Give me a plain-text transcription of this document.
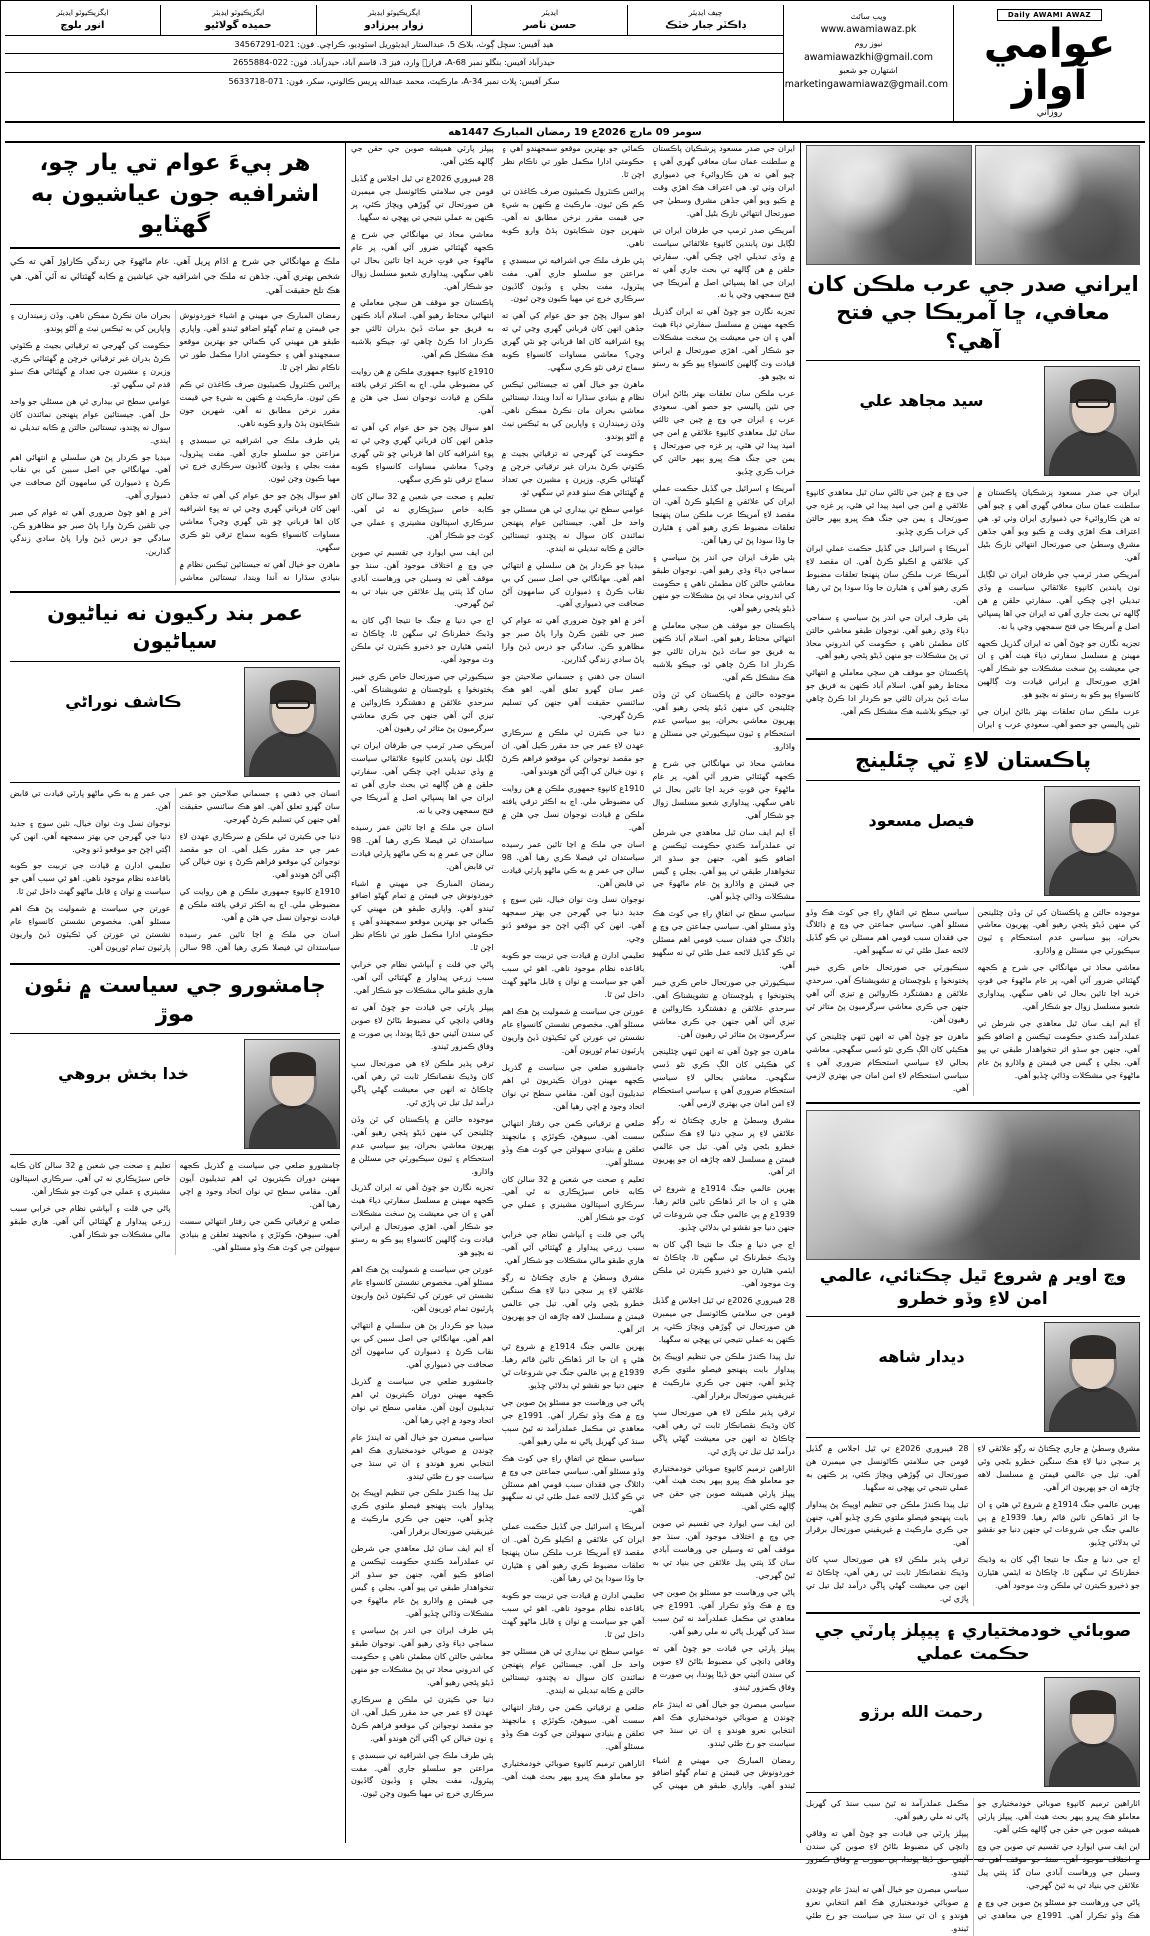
Daily AWAMI AWAZ
عوامي آواز
روزاني
ويب سائٽ
www.awamiawaz.pk
نيوز روم
awamiawazkhi@gmail.com
اشتهارن جو شعبو
marketingawamiawaz@gmail.com
چيف ايڊيٽر
ڊاڪٽر جبار خٽڪ
ايڊيٽر
حسن ناصر
ايگزيڪيوٽو ايڊيٽر
زوار پيرزادو
ايگزيڪيوٽو ايڊيٽر
حميده گولاڻيو
ايگزيڪيوٽو ايڊيٽر
انور بلوچ
هيڊ آفيس: سچل ڳوٺ، بلاڪ 5، عبدالستار ايڊيٽوريل اسٽوڊيو، ڪراچي. فون: 021-34567291
حيدرآباد آفيس: بنگلو نمبر 68-A، فرازٖ وارڊ، فيز 3، قاسم آباد، حيدرآباد. فون: 022-2655884
سکر آفيس: پلاٽ نمبر 34-A، مارڪيٽ، محمد عبدالله پريس ڪالوني، سکر، فون: 071-5633718
سومر 09 مارچ 2026ع 19 رمضان المبارڪ 1447هه
ايراني صدر جي عرب ملڪن کان معافي، ڇا آمريڪا جي فتح آهي؟
سيد مجاهد علي

ايران جي صدر مسعود پزشڪيان پاڪستان ۾ سلطنت عمان سان معافي گهري آهي ۽ چيو آهي ته هن ڪاروائيءَ جي ذميواري ايران وٺي ٿو. هي اعتراف هڪ اهڙي وقت ۾ ڪيو ويو آهي جڏهن مشرق وسطيٰ جي صورتحال انتهائي نازڪ بڻيل آهي.

آمريڪي صدر ٽرمپ جي طرفان ايران تي لڳايل نون پابندين کانپوءِ علائقائي سياست ۾ وڏي تبديلي اچي چڪي آهي. سفارتي حلقن ۾ هن ڳالهه تي بحث جاري آهي ته ايران جي اها پسپائي اصل ۾ آمريڪا جي فتح سمجهي وڃي يا نه.

تجزيه نگارن جو چوڻ آهي ته ايران گذريل ڪجهه مهينن ۾ مسلسل سفارتي دٻاءَ هيٺ آهي ۽ ان جي معيشت پڻ سخت مشڪلات جو شڪار آهي. اهڙي صورتحال ۾ ايراني قيادت وٽ ڳالهين کانسواءِ ٻيو ڪو به رستو نه بچيو هو.

عرب ملڪن سان تعلقات بهتر بڻائڻ ايران جي نئين پاليسي جو حصو آهي. سعودي عرب ۽ ايران جي وچ ۾ چين جي ثالثي سان ٿيل معاهدي کانپوءِ علائقي ۾ امن جي اميد پيدا ٿي هئي، پر غزه جي صورتحال ۽ يمن جي جنگ هڪ ڀيرو ٻيهر حالتن کي خراب ڪري ڇڏيو.

آمريڪا ۽ اسرائيل جي گڏيل حڪمت عملي ايران کي علائقي ۾ اڪيلو ڪرڻ آهي. ان مقصد لاءِ آمريڪا عرب ملڪن سان پنهنجا تعلقات مضبوط ڪري رهيو آهي ۽ هٿيارن جا وڏا سودا پڻ ٿي رهيا آهن.

ٻئي طرف ايران جي اندر پڻ سياسي ۽ سماجي دٻاءَ وڌي رهيو آهي. نوجوان طبقو معاشي حالتن کان مطمئن ناهي ۽ حڪومت کي اندروني محاذ تي پڻ مشڪلات جو منهن ڏيڻو پئجي رهيو آهي.

پاڪستان جو موقف هن سڄي معاملي ۾ انتهائي محتاط رهيو آهي. اسلام آباد ڪنهن به فريق جو ساٿ ڏيڻ بدران ثالثي جو ڪردار ادا ڪرڻ چاهي ٿو، جيڪو بلاشبه هڪ مشڪل ڪم آهي.

پاڪستان لاءِ ٽي چئلينج
فيصل مسعود

موجوده حالتن ۾ پاڪستان کي ٽن وڏن چئلينجن کي منهن ڏيڻو پئجي رهيو آهي. پهريون معاشي بحران، ٻيو سياسي عدم استحڪام ۽ ٽيون سيڪيورٽي جي مسئلن ۾ واڌارو.

معاشي محاذ تي مهانگائي جي شرح ۾ ڪجهه گهٽتائي ضرور آئي آهي، پر عام ماڻهوءَ جي قوتِ خريد اڃا تائين بحال ٿي ناهي سگهي. پيداواري شعبو مسلسل زوال جو شڪار آهي.

آءِ ايم ايف سان ٿيل معاهدي جي شرطن تي عملدرآمد ڪندي حڪومت ٽيڪسن ۾ اضافو ڪيو آهي، جنهن جو سڌو اثر تنخواهدار طبقي تي پيو آهي. بجلي ۽ گيس جي قيمتن ۾ واڌارو پڻ عام ماڻهوءَ جي مشڪلات وڌائي ڇڏيو آهي.

سياسي سطح تي اتفاقِ راءِ جي کوٽ هڪ وڏو مسئلو آهي. سياسي جماعتن جي وچ ۾ ڊائلاگ جي فقدان سبب قومي اهم مسئلن تي ڪو گڏيل لائحه عمل طئي ٿي نه سگهيو آهي.

سيڪيورٽي جي صورتحال خاص ڪري خيبر پختونخوا ۽ بلوچستان ۾ تشويشناڪ آهي. سرحدي علائقن ۾ دهشتگرد ڪاروائين ۾ تيزي آئي آهي جنهن جي ڪري معاشي سرگرميون پڻ متاثر ٿي رهيون آهن.

ماهرن جو چوڻ آهي ته انهن ٽنهي چئلينجن کي هڪٻئي کان الڳ ڪري نٿو ڏسي سگهجي. معاشي بحالي لاءِ سياسي استحڪام ضروري آهي ۽ سياسي استحڪام لاءِ امن امان جي بهتري لازمي آهي.

وچ اوير ۾ شروع ٿيل چڪتائي، عالمي امن لاءِ وڏو خطرو
ديدار شاهه

مشرق وسطيٰ ۾ جاري ڇڪتاڻ نه رڳو علائقي لاءِ پر سڄي دنيا لاءِ هڪ سنگين خطرو بڻجي وئي آهي. تيل جي عالمي قيمتن ۾ مسلسل لاهه چاڙهه ان جو پهريون اثر آهي.

پهرين عالمي جنگ 1914ع ۾ شروع ٿي هئي ۽ ان جا اثر ڏهاڪن تائين قائم رهيا. 1939ع ۾ ٻي عالمي جنگ جي شروعات ٿي جنهن دنيا جو نقشو ئي بدلائي ڇڏيو.

اڄ جي دنيا ۾ جنگ جا نتيجا اڳي کان به وڌيڪ خطرناڪ ٿي سگهن ٿا، ڇاڪاڻ ته ايٽمي هٿيارن جو ذخيرو ڪيترن ئي ملڪن وٽ موجود آهي.

28 فيبروري 2026ع تي ٿيل اجلاس ۾ گڏيل قومن جي سلامتي ڪائونسل جي ميمبرن هن صورتحال تي ڳوڙهي ويچارَ ڪئي، پر ڪنهن به عملي نتيجي تي پهچي نه سگهيا.

تيل پيدا ڪندڙ ملڪن جي تنظيم اوپيڪ پڻ پيداوار بابت پنهنجو فيصلو ملتوي ڪري ڇڏيو آهي، جنهن جي ڪري مارڪيٽ ۾ غيريقيني صورتحال برقرار آهي.

ترقي پذير ملڪن لاءِ هي صورتحال سڀ کان وڌيڪ نقصانڪار ثابت ٿي رهي آهي، ڇاڪاڻ ته انهن جي معيشت گهڻي ڀاڱي درآمد ٿيل تيل تي ڀاڙي ٿي.

صوبائي خودمختياري ۽ پيپلز پارٽي جي حڪمت عملي
رحمت الله برڙو

اٺاراهين ترميم کانپوءِ صوبائي خودمختياري جو معاملو هڪ ڀيرو ٻيهر بحث هيٺ آهي. پيپلز پارٽي هميشه صوبن جي حقن جي ڳالهه ڪئي آهي.

اين ايف سي ايوارڊ جي تقسيم تي صوبن جي وچ ۾ اختلاف موجود آهن. سنڌ جو موقف آهي ته وسيلن جي ورهاست آبادي سان گڏ پٺتي پيل علائقن جي بنياد تي به ٿيڻ گهرجي.

پاڻي جي ورهاست جو مسئلو پڻ صوبن جي وچ ۾ هڪ وڏو تڪرار آهي. 1991ع جي معاهدي تي مڪمل عملدرآمد نه ٿيڻ سبب سنڌ کي گهربل پاڻي نه ملي رهيو آهي.

پيپلز پارٽي جي قيادت جو چوڻ آهي ته وفاقي ڍانچي کي مضبوط بڻائڻ لاءِ صوبن کي سندن آئيني حق ڏيڻا پوندا، ٻي صورت ۾ وفاق ڪمزور ٿيندو.

سياسي مبصرن جو خيال آهي ته ايندڙ عام چونڊن ۾ صوبائي خودمختياري هڪ اهم انتخابي نعرو هوندو ۽ ان تي سنڌ جي سياست جو رخ طئي ٿيندو.

ايران جي صدر مسعود پزشڪيان پاڪستان ۾ سلطنت عمان سان معافي گهري آهي ۽ چيو آهي ته هن ڪاروائيءَ جي ذميواري ايران وٺي ٿو. هي اعتراف هڪ اهڙي وقت ۾ ڪيو ويو آهي جڏهن مشرق وسطيٰ جي صورتحال انتهائي نازڪ بڻيل آهي.

آمريڪي صدر ٽرمپ جي طرفان ايران تي لڳايل نون پابندين کانپوءِ علائقائي سياست ۾ وڏي تبديلي اچي چڪي آهي. سفارتي حلقن ۾ هن ڳالهه تي بحث جاري آهي ته ايران جي اها پسپائي اصل ۾ آمريڪا جي فتح سمجهي وڃي يا نه.

تجزيه نگارن جو چوڻ آهي ته ايران گذريل ڪجهه مهينن ۾ مسلسل سفارتي دٻاءَ هيٺ آهي ۽ ان جي معيشت پڻ سخت مشڪلات جو شڪار آهي. اهڙي صورتحال ۾ ايراني قيادت وٽ ڳالهين کانسواءِ ٻيو ڪو به رستو نه بچيو هو.

عرب ملڪن سان تعلقات بهتر بڻائڻ ايران جي نئين پاليسي جو حصو آهي. سعودي عرب ۽ ايران جي وچ ۾ چين جي ثالثي سان ٿيل معاهدي کانپوءِ علائقي ۾ امن جي اميد پيدا ٿي هئي، پر غزه جي صورتحال ۽ يمن جي جنگ هڪ ڀيرو ٻيهر حالتن کي خراب ڪري ڇڏيو.

آمريڪا ۽ اسرائيل جي گڏيل حڪمت عملي ايران کي علائقي ۾ اڪيلو ڪرڻ آهي. ان مقصد لاءِ آمريڪا عرب ملڪن سان پنهنجا تعلقات مضبوط ڪري رهيو آهي ۽ هٿيارن جا وڏا سودا پڻ ٿي رهيا آهن.

ٻئي طرف ايران جي اندر پڻ سياسي ۽ سماجي دٻاءَ وڌي رهيو آهي. نوجوان طبقو معاشي حالتن کان مطمئن ناهي ۽ حڪومت کي اندروني محاذ تي پڻ مشڪلات جو منهن ڏيڻو پئجي رهيو آهي.

پاڪستان جو موقف هن سڄي معاملي ۾ انتهائي محتاط رهيو آهي. اسلام آباد ڪنهن به فريق جو ساٿ ڏيڻ بدران ثالثي جو ڪردار ادا ڪرڻ چاهي ٿو، جيڪو بلاشبه هڪ مشڪل ڪم آهي.

موجوده حالتن ۾ پاڪستان کي ٽن وڏن چئلينجن کي منهن ڏيڻو پئجي رهيو آهي. پهريون معاشي بحران، ٻيو سياسي عدم استحڪام ۽ ٽيون سيڪيورٽي جي مسئلن ۾ واڌارو.

معاشي محاذ تي مهانگائي جي شرح ۾ ڪجهه گهٽتائي ضرور آئي آهي، پر عام ماڻهوءَ جي قوتِ خريد اڃا تائين بحال ٿي ناهي سگهي. پيداواري شعبو مسلسل زوال جو شڪار آهي.

آءِ ايم ايف سان ٿيل معاهدي جي شرطن تي عملدرآمد ڪندي حڪومت ٽيڪسن ۾ اضافو ڪيو آهي، جنهن جو سڌو اثر تنخواهدار طبقي تي پيو آهي. بجلي ۽ گيس جي قيمتن ۾ واڌارو پڻ عام ماڻهوءَ جي مشڪلات وڌائي ڇڏيو آهي.

سياسي سطح تي اتفاقِ راءِ جي کوٽ هڪ وڏو مسئلو آهي. سياسي جماعتن جي وچ ۾ ڊائلاگ جي فقدان سبب قومي اهم مسئلن تي ڪو گڏيل لائحه عمل طئي ٿي نه سگهيو آهي.

سيڪيورٽي جي صورتحال خاص ڪري خيبر پختونخوا ۽ بلوچستان ۾ تشويشناڪ آهي. سرحدي علائقن ۾ دهشتگرد ڪاروائين ۾ تيزي آئي آهي جنهن جي ڪري معاشي سرگرميون پڻ متاثر ٿي رهيون آهن.

ماهرن جو چوڻ آهي ته انهن ٽنهي چئلينجن کي هڪٻئي کان الڳ ڪري نٿو ڏسي سگهجي. معاشي بحالي لاءِ سياسي استحڪام ضروري آهي ۽ سياسي استحڪام لاءِ امن امان جي بهتري لازمي آهي.

مشرق وسطيٰ ۾ جاري ڇڪتاڻ نه رڳو علائقي لاءِ پر سڄي دنيا لاءِ هڪ سنگين خطرو بڻجي وئي آهي. تيل جي عالمي قيمتن ۾ مسلسل لاهه چاڙهه ان جو پهريون اثر آهي.

پهرين عالمي جنگ 1914ع ۾ شروع ٿي هئي ۽ ان جا اثر ڏهاڪن تائين قائم رهيا. 1939ع ۾ ٻي عالمي جنگ جي شروعات ٿي جنهن دنيا جو نقشو ئي بدلائي ڇڏيو.

اڄ جي دنيا ۾ جنگ جا نتيجا اڳي کان به وڌيڪ خطرناڪ ٿي سگهن ٿا، ڇاڪاڻ ته ايٽمي هٿيارن جو ذخيرو ڪيترن ئي ملڪن وٽ موجود آهي.

28 فيبروري 2026ع تي ٿيل اجلاس ۾ گڏيل قومن جي سلامتي ڪائونسل جي ميمبرن هن صورتحال تي ڳوڙهي ويچارَ ڪئي، پر ڪنهن به عملي نتيجي تي پهچي نه سگهيا.

تيل پيدا ڪندڙ ملڪن جي تنظيم اوپيڪ پڻ پيداوار بابت پنهنجو فيصلو ملتوي ڪري ڇڏيو آهي، جنهن جي ڪري مارڪيٽ ۾ غيريقيني صورتحال برقرار آهي.

ترقي پذير ملڪن لاءِ هي صورتحال سڀ کان وڌيڪ نقصانڪار ثابت ٿي رهي آهي، ڇاڪاڻ ته انهن جي معيشت گهڻي ڀاڱي درآمد ٿيل تيل تي ڀاڙي ٿي.

اٺاراهين ترميم کانپوءِ صوبائي خودمختياري جو معاملو هڪ ڀيرو ٻيهر بحث هيٺ آهي. پيپلز پارٽي هميشه صوبن جي حقن جي ڳالهه ڪئي آهي.

اين ايف سي ايوارڊ جي تقسيم تي صوبن جي وچ ۾ اختلاف موجود آهن. سنڌ جو موقف آهي ته وسيلن جي ورهاست آبادي سان گڏ پٺتي پيل علائقن جي بنياد تي به ٿيڻ گهرجي.

پاڻي جي ورهاست جو مسئلو پڻ صوبن جي وچ ۾ هڪ وڏو تڪرار آهي. 1991ع جي معاهدي تي مڪمل عملدرآمد نه ٿيڻ سبب سنڌ کي گهربل پاڻي نه ملي رهيو آهي.

پيپلز پارٽي جي قيادت جو چوڻ آهي ته وفاقي ڍانچي کي مضبوط بڻائڻ لاءِ صوبن کي سندن آئيني حق ڏيڻا پوندا، ٻي صورت ۾ وفاق ڪمزور ٿيندو.

سياسي مبصرن جو خيال آهي ته ايندڙ عام چونڊن ۾ صوبائي خودمختياري هڪ اهم انتخابي نعرو هوندو ۽ ان تي سنڌ جي سياست جو رخ طئي ٿيندو.

رمضان المبارڪ جي مهيني ۾ اشياء خوردونوش جي قيمتن ۾ تمام گهڻو اضافو ٿيندو آهي. واپاري طبقو هن مهيني کي ڪمائي جو بهترين موقعو سمجهندو آهي ۽ حڪومتي ادارا مڪمل طور تي ناڪام نظر اچن ٿا.

پرائس ڪنٽرول ڪميٽيون صرف ڪاغذن تي ڪم ڪن ٿيون. مارڪيٽ ۾ ڪنهن به شيءِ جي قيمت مقرر نرخن مطابق نه آهي. شهرين جون شڪايتون ٻڌڻ وارو ڪوبه ناهي.

ٻئي طرف ملڪ جي اشرافيه تي سبسڊي ۽ مراعتن جو سلسلو جاري آهي. مفت پيٽرول، مفت بجلي ۽ وڏيون گاڏيون سرڪاري خرچ تي مهيا ڪيون وڃن ٿيون.

اهو سوال پڇڻ جو حق عوام کي آهي ته جڏهن انهن کان قرباني گهري وڃي ٿي ته پوءِ اشرافيه کان اها قرباني ڇو نٿي گهري وڃي؟ معاشي مساوات کانسواءِ ڪوبه سماج ترقي نٿو ڪري سگهي.

ماهرن جو خيال آهي ته جيستائين ٽيڪس نظام ۾ بنيادي سڌارا نه آندا ويندا، تيستائين معاشي بحران مان نڪرڻ ممڪن ناهي. وڏن زميندارن ۽ واپارين کي به ٽيڪس نيٽ ۾ آڻڻو پوندو.

حڪومت کي گهرجي ته ترقياتي بجيٽ ۾ ڪٽوتي ڪرڻ بدران غير ترقياتي خرچن ۾ گهٽتائي ڪري. وزيرن ۽ مشيرن جي تعداد ۾ گهٽتائي هڪ سٺو قدم ٿي سگهي ٿو.

عوامي سطح تي بيداري ئي هن مسئلي جو واحد حل آهي. جيستائين عوام پنهنجن نمائندن کان سوال نه پڇندو، تيستائين حالتن ۾ ڪابه تبديلي نه ايندي.

ميڊيا جو ڪردار پڻ هن سلسلي ۾ انتهائي اهم آهي. مهانگائي جي اصل سببن کي بي نقاب ڪرڻ ۽ ذميوارن کي سامهون آڻڻ صحافت جي ذميواري آهي.

آخر ۾ اهو چوڻ ضروري آهي ته عوام کي صبر جي تلقين ڪرڻ وارا پاڻ صبر جو مظاهرو ڪن. سادگي جو درس ڏيڻ وارا پاڻ سادي زندگي گذارين.

انسان جي ذهني ۽ جسماني صلاحيتن جو عمر سان گهرو تعلق آهي. اهو هڪ سائنسي حقيقت آهي جنهن کي تسليم ڪرڻ گهرجي.

دنيا جي ڪيترن ئي ملڪن ۾ سرڪاري عهدن لاءِ عمر جي حد مقرر ڪيل آهي. ان جو مقصد نوجوانن کي موقعو فراهم ڪرڻ ۽ نون خيالن کي اڳتي آڻڻ هوندو آهي.

1910ع کانپوءِ جمهوري ملڪن ۾ هن روايت کي مضبوطي ملي. اڄ به اڪثر ترقي يافته ملڪن ۾ قيادت نوجوان نسل جي هٿن ۾ آهي.

اسان جي ملڪ ۾ اڃا تائين عمر رسيده سياستدان ئي فيصلا ڪري رهيا آهن. 98 سالن جي عمر ۾ به ڪي ماڻهو پارٽي قيادت تي قابض آهن.

نوجوان نسل وٽ نوان خيال، نئين سوچ ۽ جديد دنيا جي گهرجن جي بهتر سمجهه آهي. انهن کي اڳتي اچڻ جو موقعو ڏنو وڃي.

تعليمي ادارن ۾ قيادت جي تربيت جو ڪوبه باقاعده نظام موجود ناهي. اهو ئي سبب آهي جو سياست ۾ نوان ۽ قابل ماڻهو گهٽ داخل ٿين ٿا.

عورتن جي سياست ۾ شموليت پڻ هڪ اهم مسئلو آهي. مخصوص نشستن کانسواءِ عام نشستن تي عورتن کي ٽڪيٽون ڏيڻ واريون پارٽيون تمام ٿوريون آهن.

ڄامشورو ضلعي جي سياست ۾ گذريل ڪجهه مهينن دوران ڪيتريون ئي اهم تبديليون آيون آهن. مقامي سطح تي نوان اتحاد وجود ۾ اچي رهيا آهن.

ضلعي ۾ ترقياتي ڪمن جي رفتار انتهائي سست آهي. سيوهڻ، ڪوٽڙي ۽ مانجهند تعلقن ۾ بنيادي سهولتن جي کوٽ هڪ وڏو مسئلو آهي.

تعليم ۽ صحت جي شعبن ۾ 32 سالن کان ڪابه خاص سيڙپڪاري نه ٿي آهي. سرڪاري اسپتالون مشينري ۽ عملي جي کوٽ جو شڪار آهن.

پاڻي جي قلت ۽ آبپاشي نظام جي خرابي سبب زرعي پيداوار ۾ گهٽتائي آئي آهي. هاري طبقو مالي مشڪلات جو شڪار آهي.

مشرق وسطيٰ ۾ جاري ڇڪتاڻ نه رڳو علائقي لاءِ پر سڄي دنيا لاءِ هڪ سنگين خطرو بڻجي وئي آهي. تيل جي عالمي قيمتن ۾ مسلسل لاهه چاڙهه ان جو پهريون اثر آهي.

پهرين عالمي جنگ 1914ع ۾ شروع ٿي هئي ۽ ان جا اثر ڏهاڪن تائين قائم رهيا. 1939ع ۾ ٻي عالمي جنگ جي شروعات ٿي جنهن دنيا جو نقشو ئي بدلائي ڇڏيو.

پاڻي جي ورهاست جو مسئلو پڻ صوبن جي وچ ۾ هڪ وڏو تڪرار آهي. 1991ع جي معاهدي تي مڪمل عملدرآمد نه ٿيڻ سبب سنڌ کي گهربل پاڻي نه ملي رهيو آهي.

سياسي سطح تي اتفاقِ راءِ جي کوٽ هڪ وڏو مسئلو آهي. سياسي جماعتن جي وچ ۾ ڊائلاگ جي فقدان سبب قومي اهم مسئلن تي ڪو گڏيل لائحه عمل طئي ٿي نه سگهيو آهي.

آمريڪا ۽ اسرائيل جي گڏيل حڪمت عملي ايران کي علائقي ۾ اڪيلو ڪرڻ آهي. ان مقصد لاءِ آمريڪا عرب ملڪن سان پنهنجا تعلقات مضبوط ڪري رهيو آهي ۽ هٿيارن جا وڏا سودا پڻ ٿي رهيا آهن.

تعليمي ادارن ۾ قيادت جي تربيت جو ڪوبه باقاعده نظام موجود ناهي. اهو ئي سبب آهي جو سياست ۾ نوان ۽ قابل ماڻهو گهٽ داخل ٿين ٿا.

عوامي سطح تي بيداري ئي هن مسئلي جو واحد حل آهي. جيستائين عوام پنهنجن نمائندن کان سوال نه پڇندو، تيستائين حالتن ۾ ڪابه تبديلي نه ايندي.

ضلعي ۾ ترقياتي ڪمن جي رفتار انتهائي سست آهي. سيوهڻ، ڪوٽڙي ۽ مانجهند تعلقن ۾ بنيادي سهولتن جي کوٽ هڪ وڏو مسئلو آهي.

اٺاراهين ترميم کانپوءِ صوبائي خودمختياري جو معاملو هڪ ڀيرو ٻيهر بحث هيٺ آهي. پيپلز پارٽي هميشه صوبن جي حقن جي ڳالهه ڪئي آهي.

28 فيبروري 2026ع تي ٿيل اجلاس ۾ گڏيل قومن جي سلامتي ڪائونسل جي ميمبرن هن صورتحال تي ڳوڙهي ويچارَ ڪئي، پر ڪنهن به عملي نتيجي تي پهچي نه سگهيا.

معاشي محاذ تي مهانگائي جي شرح ۾ ڪجهه گهٽتائي ضرور آئي آهي، پر عام ماڻهوءَ جي قوتِ خريد اڃا تائين بحال ٿي ناهي سگهي. پيداواري شعبو مسلسل زوال جو شڪار آهي.

پاڪستان جو موقف هن سڄي معاملي ۾ انتهائي محتاط رهيو آهي. اسلام آباد ڪنهن به فريق جو ساٿ ڏيڻ بدران ثالثي جو ڪردار ادا ڪرڻ چاهي ٿو، جيڪو بلاشبه هڪ مشڪل ڪم آهي.

1910ع کانپوءِ جمهوري ملڪن ۾ هن روايت کي مضبوطي ملي. اڄ به اڪثر ترقي يافته ملڪن ۾ قيادت نوجوان نسل جي هٿن ۾ آهي.

اهو سوال پڇڻ جو حق عوام کي آهي ته جڏهن انهن کان قرباني گهري وڃي ٿي ته پوءِ اشرافيه کان اها قرباني ڇو نٿي گهري وڃي؟ معاشي مساوات کانسواءِ ڪوبه سماج ترقي نٿو ڪري سگهي.

تعليم ۽ صحت جي شعبن ۾ 32 سالن کان ڪابه خاص سيڙپڪاري نه ٿي آهي. سرڪاري اسپتالون مشينري ۽ عملي جي کوٽ جو شڪار آهن.

اين ايف سي ايوارڊ جي تقسيم تي صوبن جي وچ ۾ اختلاف موجود آهن. سنڌ جو موقف آهي ته وسيلن جي ورهاست آبادي سان گڏ پٺتي پيل علائقن جي بنياد تي به ٿيڻ گهرجي.

اڄ جي دنيا ۾ جنگ جا نتيجا اڳي کان به وڌيڪ خطرناڪ ٿي سگهن ٿا، ڇاڪاڻ ته ايٽمي هٿيارن جو ذخيرو ڪيترن ئي ملڪن وٽ موجود آهي.

سيڪيورٽي جي صورتحال خاص ڪري خيبر پختونخوا ۽ بلوچستان ۾ تشويشناڪ آهي. سرحدي علائقن ۾ دهشتگرد ڪاروائين ۾ تيزي آئي آهي جنهن جي ڪري معاشي سرگرميون پڻ متاثر ٿي رهيون آهن.

آمريڪي صدر ٽرمپ جي طرفان ايران تي لڳايل نون پابندين کانپوءِ علائقائي سياست ۾ وڏي تبديلي اچي چڪي آهي. سفارتي حلقن ۾ هن ڳالهه تي بحث جاري آهي ته ايران جي اها پسپائي اصل ۾ آمريڪا جي فتح سمجهي وڃي يا نه.

اسان جي ملڪ ۾ اڃا تائين عمر رسيده سياستدان ئي فيصلا ڪري رهيا آهن. 98 سالن جي عمر ۾ به ڪي ماڻهو پارٽي قيادت تي قابض آهن.

رمضان المبارڪ جي مهيني ۾ اشياء خوردونوش جي قيمتن ۾ تمام گهڻو اضافو ٿيندو آهي. واپاري طبقو هن مهيني کي ڪمائي جو بهترين موقعو سمجهندو آهي ۽ حڪومتي ادارا مڪمل طور تي ناڪام نظر اچن ٿا.

پاڻي جي قلت ۽ آبپاشي نظام جي خرابي سبب زرعي پيداوار ۾ گهٽتائي آئي آهي. هاري طبقو مالي مشڪلات جو شڪار آهي.

پيپلز پارٽي جي قيادت جو چوڻ آهي ته وفاقي ڍانچي کي مضبوط بڻائڻ لاءِ صوبن کي سندن آئيني حق ڏيڻا پوندا، ٻي صورت ۾ وفاق ڪمزور ٿيندو.

ترقي پذير ملڪن لاءِ هي صورتحال سڀ کان وڌيڪ نقصانڪار ثابت ٿي رهي آهي، ڇاڪاڻ ته انهن جي معيشت گهڻي ڀاڱي درآمد ٿيل تيل تي ڀاڙي ٿي.

موجوده حالتن ۾ پاڪستان کي ٽن وڏن چئلينجن کي منهن ڏيڻو پئجي رهيو آهي. پهريون معاشي بحران، ٻيو سياسي عدم استحڪام ۽ ٽيون سيڪيورٽي جي مسئلن ۾ واڌارو.

تجزيه نگارن جو چوڻ آهي ته ايران گذريل ڪجهه مهينن ۾ مسلسل سفارتي دٻاءَ هيٺ آهي ۽ ان جي معيشت پڻ سخت مشڪلات جو شڪار آهي. اهڙي صورتحال ۾ ايراني قيادت وٽ ڳالهين کانسواءِ ٻيو ڪو به رستو نه بچيو هو.

عورتن جي سياست ۾ شموليت پڻ هڪ اهم مسئلو آهي. مخصوص نشستن کانسواءِ عام نشستن تي عورتن کي ٽڪيٽون ڏيڻ واريون پارٽيون تمام ٿوريون آهن.

ميڊيا جو ڪردار پڻ هن سلسلي ۾ انتهائي اهم آهي. مهانگائي جي اصل سببن کي بي نقاب ڪرڻ ۽ ذميوارن کي سامهون آڻڻ صحافت جي ذميواري آهي.

ڄامشورو ضلعي جي سياست ۾ گذريل ڪجهه مهينن دوران ڪيتريون ئي اهم تبديليون آيون آهن. مقامي سطح تي نوان اتحاد وجود ۾ اچي رهيا آهن.

سياسي مبصرن جو خيال آهي ته ايندڙ عام چونڊن ۾ صوبائي خودمختياري هڪ اهم انتخابي نعرو هوندو ۽ ان تي سنڌ جي سياست جو رخ طئي ٿيندو.

تيل پيدا ڪندڙ ملڪن جي تنظيم اوپيڪ پڻ پيداوار بابت پنهنجو فيصلو ملتوي ڪري ڇڏيو آهي، جنهن جي ڪري مارڪيٽ ۾ غيريقيني صورتحال برقرار آهي.

آءِ ايم ايف سان ٿيل معاهدي جي شرطن تي عملدرآمد ڪندي حڪومت ٽيڪسن ۾ اضافو ڪيو آهي، جنهن جو سڌو اثر تنخواهدار طبقي تي پيو آهي. بجلي ۽ گيس جي قيمتن ۾ واڌارو پڻ عام ماڻهوءَ جي مشڪلات وڌائي ڇڏيو آهي.

ٻئي طرف ايران جي اندر پڻ سياسي ۽ سماجي دٻاءَ وڌي رهيو آهي. نوجوان طبقو معاشي حالتن کان مطمئن ناهي ۽ حڪومت کي اندروني محاذ تي پڻ مشڪلات جو منهن ڏيڻو پئجي رهيو آهي.

دنيا جي ڪيترن ئي ملڪن ۾ سرڪاري عهدن لاءِ عمر جي حد مقرر ڪيل آهي. ان جو مقصد نوجوانن کي موقعو فراهم ڪرڻ ۽ نون خيالن کي اڳتي آڻڻ هوندو آهي.

ٻئي طرف ملڪ جي اشرافيه تي سبسڊي ۽ مراعتن جو سلسلو جاري آهي. مفت پيٽرول، مفت بجلي ۽ وڏيون گاڏيون سرڪاري خرچ تي مهيا ڪيون وڃن ٿيون.

هر ٻيءَ عوام تي يار چو، اشرافيه جون عياشيون به گهٽايو
ملڪ ۾ مهانگائي جي شرح ۾ اڏام ڀريل آهي. عام ماڻهوءَ جي زندگي ڪاراوڙ آهي ته ڪي شخص بهتري آهي. جڏهن ته ملڪ جي اشرافيه جي عياشين ۾ ڪابه گهٽتائي نه آئي آهي. هي هڪ تلخ حقيقت آهي.

رمضان المبارڪ جي مهيني ۾ اشياء خوردونوش جي قيمتن ۾ تمام گهڻو اضافو ٿيندو آهي. واپاري طبقو هن مهيني کي ڪمائي جو بهترين موقعو سمجهندو آهي ۽ حڪومتي ادارا مڪمل طور تي ناڪام نظر اچن ٿا.

پرائس ڪنٽرول ڪميٽيون صرف ڪاغذن تي ڪم ڪن ٿيون. مارڪيٽ ۾ ڪنهن به شيءِ جي قيمت مقرر نرخن مطابق نه آهي. شهرين جون شڪايتون ٻڌڻ وارو ڪوبه ناهي.

ٻئي طرف ملڪ جي اشرافيه تي سبسڊي ۽ مراعتن جو سلسلو جاري آهي. مفت پيٽرول، مفت بجلي ۽ وڏيون گاڏيون سرڪاري خرچ تي مهيا ڪيون وڃن ٿيون.

اهو سوال پڇڻ جو حق عوام کي آهي ته جڏهن انهن کان قرباني گهري وڃي ٿي ته پوءِ اشرافيه کان اها قرباني ڇو نٿي گهري وڃي؟ معاشي مساوات کانسواءِ ڪوبه سماج ترقي نٿو ڪري سگهي.

ماهرن جو خيال آهي ته جيستائين ٽيڪس نظام ۾ بنيادي سڌارا نه آندا ويندا، تيستائين معاشي بحران مان نڪرڻ ممڪن ناهي. وڏن زميندارن ۽ واپارين کي به ٽيڪس نيٽ ۾ آڻڻو پوندو.

حڪومت کي گهرجي ته ترقياتي بجيٽ ۾ ڪٽوتي ڪرڻ بدران غير ترقياتي خرچن ۾ گهٽتائي ڪري. وزيرن ۽ مشيرن جي تعداد ۾ گهٽتائي هڪ سٺو قدم ٿي سگهي ٿو.

عوامي سطح تي بيداري ئي هن مسئلي جو واحد حل آهي. جيستائين عوام پنهنجن نمائندن کان سوال نه پڇندو، تيستائين حالتن ۾ ڪابه تبديلي نه ايندي.

ميڊيا جو ڪردار پڻ هن سلسلي ۾ انتهائي اهم آهي. مهانگائي جي اصل سببن کي بي نقاب ڪرڻ ۽ ذميوارن کي سامهون آڻڻ صحافت جي ذميواري آهي.

آخر ۾ اهو چوڻ ضروري آهي ته عوام کي صبر جي تلقين ڪرڻ وارا پاڻ صبر جو مظاهرو ڪن. سادگي جو درس ڏيڻ وارا پاڻ سادي زندگي گذارين.

عمر بند رکيون نه نياڻيون سياڻيون
ڪاشف نوراڻي

انسان جي ذهني ۽ جسماني صلاحيتن جو عمر سان گهرو تعلق آهي. اهو هڪ سائنسي حقيقت آهي جنهن کي تسليم ڪرڻ گهرجي.

دنيا جي ڪيترن ئي ملڪن ۾ سرڪاري عهدن لاءِ عمر جي حد مقرر ڪيل آهي. ان جو مقصد نوجوانن کي موقعو فراهم ڪرڻ ۽ نون خيالن کي اڳتي آڻڻ هوندو آهي.

1910ع کانپوءِ جمهوري ملڪن ۾ هن روايت کي مضبوطي ملي. اڄ به اڪثر ترقي يافته ملڪن ۾ قيادت نوجوان نسل جي هٿن ۾ آهي.

اسان جي ملڪ ۾ اڃا تائين عمر رسيده سياستدان ئي فيصلا ڪري رهيا آهن. 98 سالن جي عمر ۾ به ڪي ماڻهو پارٽي قيادت تي قابض آهن.

نوجوان نسل وٽ نوان خيال، نئين سوچ ۽ جديد دنيا جي گهرجن جي بهتر سمجهه آهي. انهن کي اڳتي اچڻ جو موقعو ڏنو وڃي.

تعليمي ادارن ۾ قيادت جي تربيت جو ڪوبه باقاعده نظام موجود ناهي. اهو ئي سبب آهي جو سياست ۾ نوان ۽ قابل ماڻهو گهٽ داخل ٿين ٿا.

عورتن جي سياست ۾ شموليت پڻ هڪ اهم مسئلو آهي. مخصوص نشستن کانسواءِ عام نشستن تي عورتن کي ٽڪيٽون ڏيڻ واريون پارٽيون تمام ٿوريون آهن.

ڄامشورو جي سياست ۾ نئون موڙ
خدا بخش بروهي

ڄامشورو ضلعي جي سياست ۾ گذريل ڪجهه مهينن دوران ڪيتريون ئي اهم تبديليون آيون آهن. مقامي سطح تي نوان اتحاد وجود ۾ اچي رهيا آهن.

ضلعي ۾ ترقياتي ڪمن جي رفتار انتهائي سست آهي. سيوهڻ، ڪوٽڙي ۽ مانجهند تعلقن ۾ بنيادي سهولتن جي کوٽ هڪ وڏو مسئلو آهي.

تعليم ۽ صحت جي شعبن ۾ 32 سالن کان ڪابه خاص سيڙپڪاري نه ٿي آهي. سرڪاري اسپتالون مشينري ۽ عملي جي کوٽ جو شڪار آهن.

پاڻي جي قلت ۽ آبپاشي نظام جي خرابي سبب زرعي پيداوار ۾ گهٽتائي آئي آهي. هاري طبقو مالي مشڪلات جو شڪار آهي.
